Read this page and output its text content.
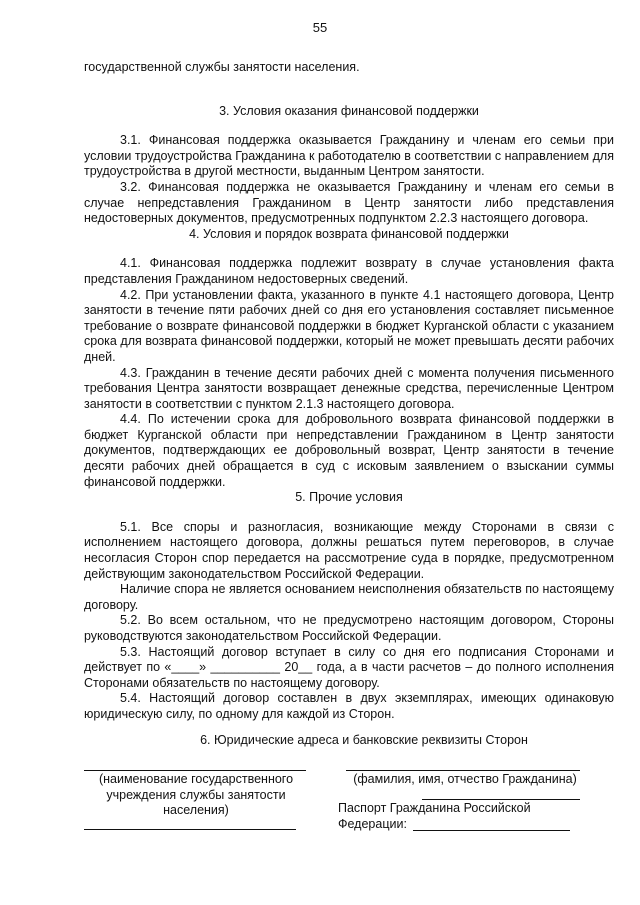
55

государственной службы занятости населения.

3. Условия оказания финансовой поддержки

3.1. Финансовая поддержка оказывается Гражданину и членам его семьи при условии трудоустройства Гражданина к работодателю в соответствии с направлением для трудоустройства в другой местности, выданным Центром занятости.

3.2. Финансовая поддержка не оказывается Гражданину и членам его семьи в случае непредставления Гражданином в Центр занятости либо представления недостоверных документов, предусмотренных подпунктом 2.2.3 настоящего договора.

4. Условия и порядок возврата финансовой поддержки

4.1. Финансовая поддержка подлежит возврату в случае установления факта представления Гражданином недостоверных сведений.

4.2. При установлении факта, указанного в пункте 4.1 настоящего договора, Центр занятости в течение пяти рабочих дней со дня его установления составляет письменное требование о возврате финансовой поддержки в бюджет Курганской области с указанием срока для возврата финансовой поддержки, который не может превышать десяти рабочих дней.

4.3. Гражданин в течение десяти рабочих дней с момента получения письменного требования Центра занятости возвращает денежные средства, перечисленные Центром занятости в соответствии с пунктом 2.1.3 настоящего договора.

4.4. По истечении срока для добровольного возврата финансовой поддержки в бюджет Курганской области при непредставлении Гражданином в Центр занятости документов, подтверждающих ее добровольный возврат, Центр занятости в течение десяти рабочих дней обращается в суд с исковым заявлением о взыскании суммы финансовой поддержки.

5. Прочие условия

5.1. Все споры и разногласия, возникающие между Сторонами в связи с исполнением настоящего договора, должны решаться путем переговоров, в случае несогласия Сторон спор передается на рассмотрение суда в порядке, предусмотренном действующим законодательством Российской Федерации.

Наличие спора не является основанием неисполнения обязательств по настоящему договору.

5.2. Во всем остальном, что не предусмотрено настоящим договором, Стороны руководствуются законодательством Российской Федерации.

5.3. Настоящий договор вступает в силу со дня его подписания Сторонами и действует по «____» __________ 20__ года, а в части расчетов – до полного исполнения Сторонами обязательств по настоящему договору.

5.4. Настоящий договор составлен в двух экземплярах, имеющих одинаковую юридическую силу, по одному для каждой из Сторон.

6. Юридические адреса и банковские реквизиты Сторон

(наименование государственного учреждения службы занятости населения)
(фамилия, имя, отчество Гражданина)
Паспорт Гражданина Российской Федерации:
